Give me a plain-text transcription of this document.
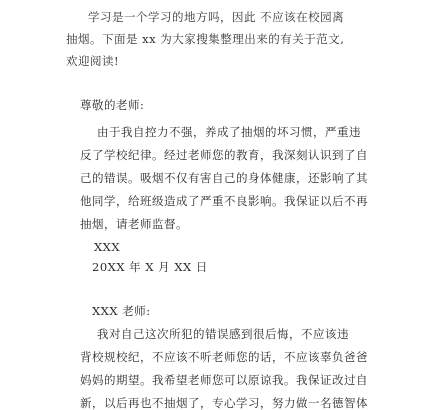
学习是一个学习的地方吗，因此 不应该在校园离
抽烟。下面是 xx 为大家搜集整理出来的有关于范文,
欢迎阅读!
尊敬的老师:
由于我自控力不强，养成了抽烟的坏习惯，严重违
反了学校纪律。经过老师您的教育，我深刻认识到了自
己的错误。吸烟不仅有害自己的身体健康，还影响了其
他同学，给班级造成了严重不良影响。我保证以后不再
抽烟，请老师监督。
XXX
20XX 年 X 月 XX 日
XXX 老师:
我对自己这次所犯的错误感到很后悔，不应该违
背校规校纪，不应该不听老师您的话，不应该辜负爸爸
妈妈的期望。我希望老师您可以原谅我。我保证改过自
新，以后再也不抽烟了，专心学习，努力做一名德智体
